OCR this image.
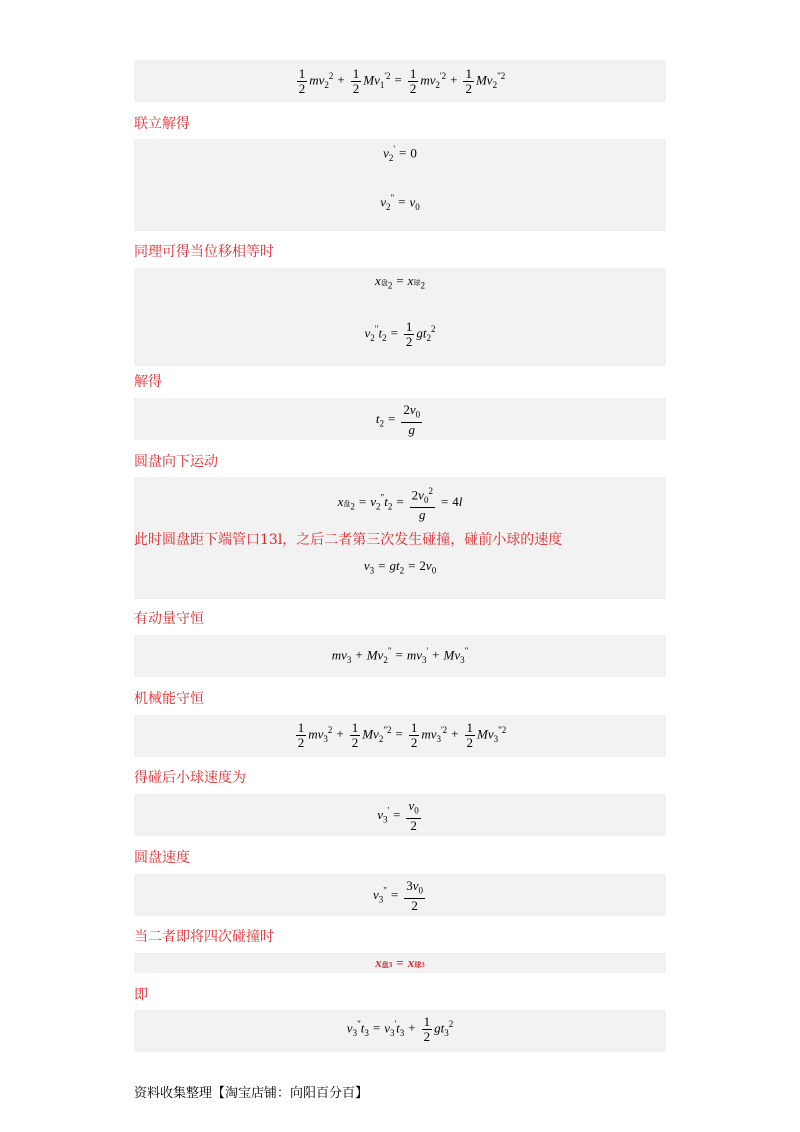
$\frac{1}{2} mv_2^2 + \frac{1}{2} Mv_1^{'2} = \frac{1}{2} mv_2^{'2} + \frac{1}{2} Mv_2^{"2}$
联立解得
$v_2' = 0$
$v_2^" = v_0$
同理可得当位移相等时
x盘$_2$ = x球$_2$
$v_2^"t_2 = \frac{1}{2} gt_2^2$
解得
$t_2 = \frac{2v_0}{g}$
圆盘向下运动
x盘$_2 = v_2^"t_2 = \frac{2v_0^2}{g} = 4l$
$v_3 = gt_2 = 2v_0$
此时圆盘距下端管口13l，之后二者第三次发生碰撞，碰前小球的速度
有动量守恒
$mv_3 + Mv_2^" = mv_3' + Mv_3^"$
机械能守恒
$\frac{1}{2} mv_3^2 + \frac{1}{2} Mv_2^{"2} = \frac{1}{2} mv_3^{'2} + \frac{1}{2} Mv_3^{"2}$
得碰后小球速度为
$v_3' = \frac{v_0}{2}$
圆盘速度
$v_3^" = \frac{3v_0}{2}$
当二者即将四次碰撞时
x盘3 = x球3
即
$v_3^"t_3 = v_3't_3 + \frac{1}{2} gt_3^2$
资料收集整理【淘宝店铺：向阳百分百】
